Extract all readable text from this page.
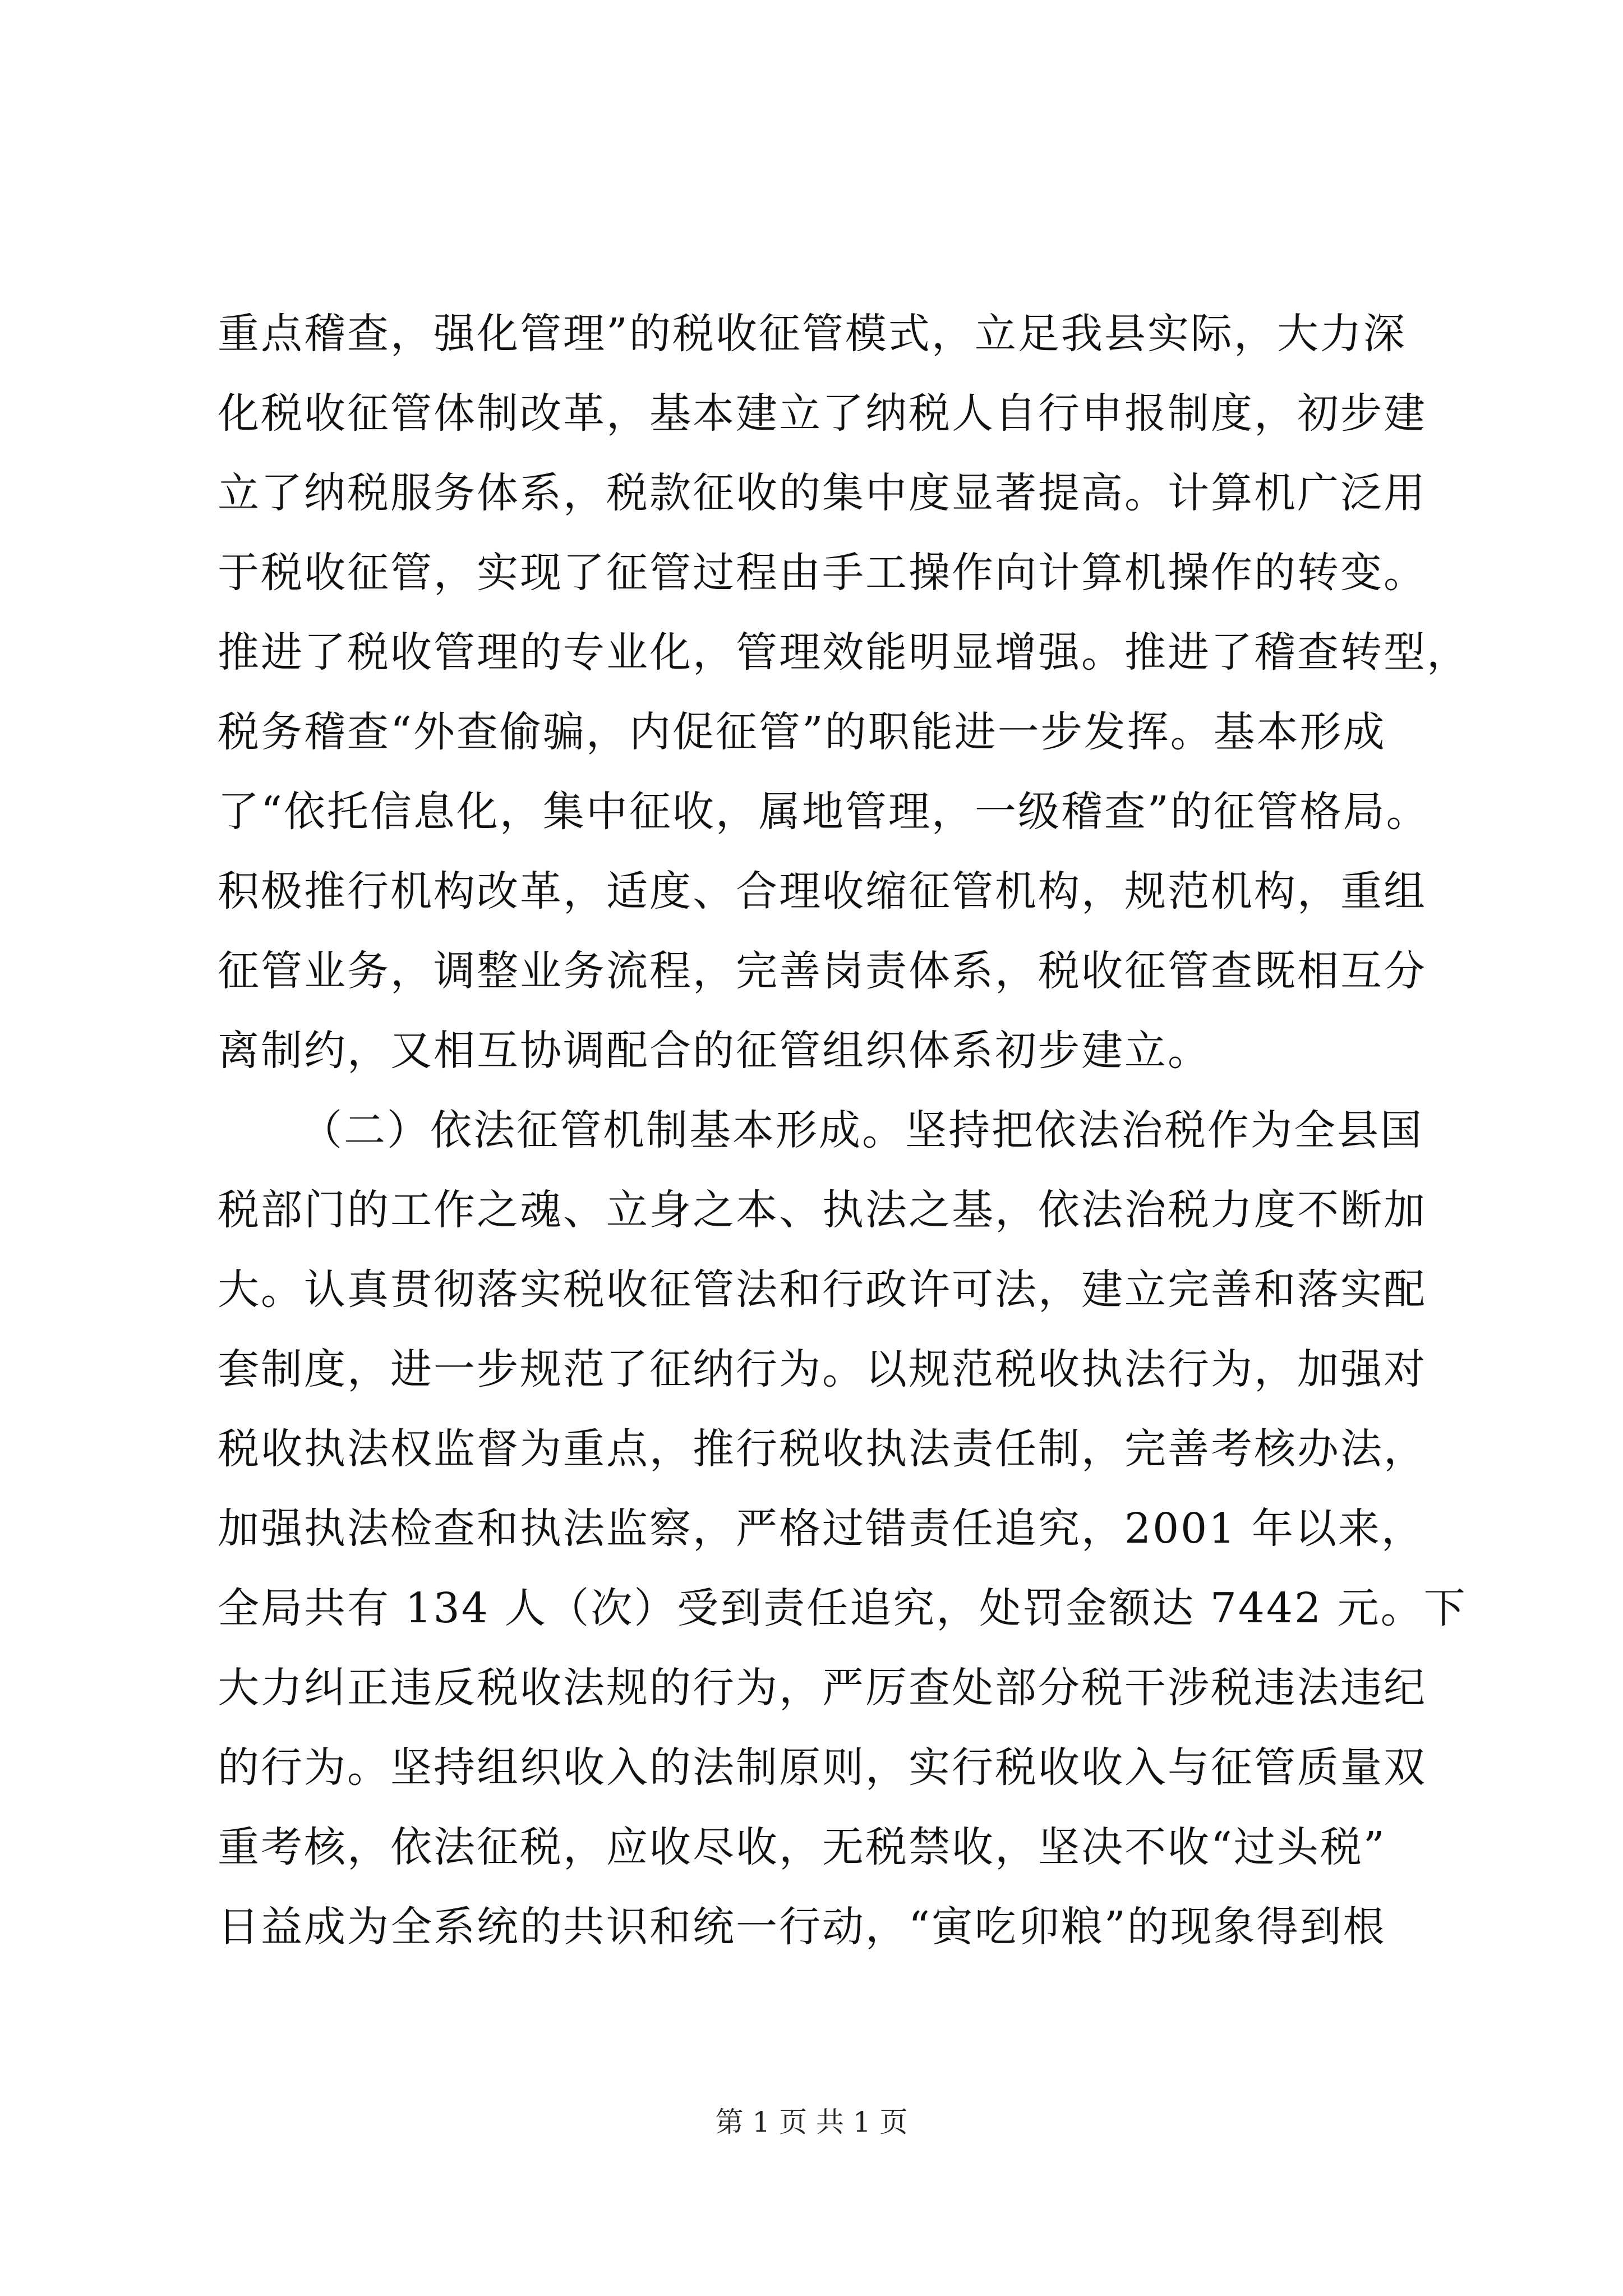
重点稽查，强化管理”的税收征管模式，立足我县实际，大力深
化税收征管体制改革，基本建立了纳税人自行申报制度，初步建
立了纳税服务体系，税款征收的集中度显著提高。计算机广泛用
于税收征管，实现了征管过程由手工操作向计算机操作的转变。
推进了税收管理的专业化，管理效能明显增强。推进了稽查转型，
税务稽查“外查偷骗，内促征管”的职能进一步发挥。基本形成
了“依托信息化，集中征收，属地管理，一级稽查”的征管格局。
积极推行机构改革，适度、合理收缩征管机构，规范机构，重组
征管业务，调整业务流程，完善岗责体系，税收征管查既相互分
离制约，又相互协调配合的征管组织体系初步建立。
（二）依法征管机制基本形成。坚持把依法治税作为全县国
税部门的工作之魂、立身之本、执法之基，依法治税力度不断加
大。认真贯彻落实税收征管法和行政许可法，建立完善和落实配
套制度，进一步规范了征纳行为。以规范税收执法行为，加强对
税收执法权监督为重点，推行税收执法责任制，完善考核办法，
加强执法检查和执法监察，严格过错责任追究，2001 年以来，
全局共有 134 人（次）受到责任追究，处罚金额达 7442 元。下
大力纠正违反税收法规的行为，严厉查处部分税干涉税违法违纪
的行为。坚持组织收入的法制原则，实行税收收入与征管质量双
重考核，依法征税，应收尽收，无税禁收，坚决不收“过头税”
日益成为全系统的共识和统一行动，“寅吃卯粮”的现象得到根
第 1 页 共 1 页
